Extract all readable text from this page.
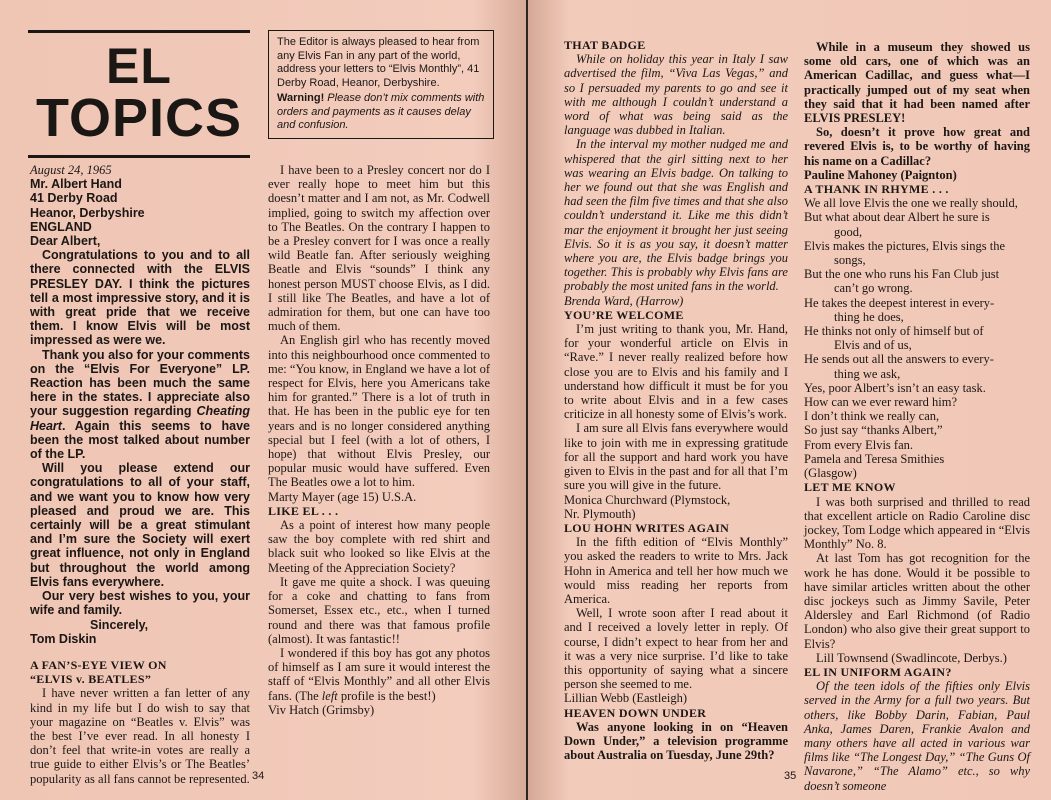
EL
TOPICS

The Editor is always pleased to hear from any Elvis Fan in any part of the world, address your letters to “Elvis Monthly”, 41 Derby Road, Heanor, Derbyshire.

Warning! Please don’t mix comments with orders and payments as it causes delay and confusion.

August 24, 1965

Mr. Albert Hand
41 Derby Road
Heanor, Derbyshire
ENGLAND

Dear Albert,

Congratulations to you and to all there connected with the ELVIS PRESLEY DAY. I think the pictures tell a most impressive story, and it is with great pride that we receive them. I know Elvis will be most impressed as were we.

Thank you also for your comments on the “Elvis For Everyone” LP. Reaction has been much the same here in the states. I appreciate also your suggestion regarding Cheating Heart. Again this seems to have been the most talked about number of the LP.

Will you please extend our congratulations to all of your staff, and we want you to know how very pleased and proud we are. This certainly will be a great stimulant and I’m sure the Society will exert great influence, not only in England but throughout the world among Elvis fans everywhere.

Our very best wishes to you, your wife and family.

Sincerely,

Tom Diskin

A FAN’S-EYE VIEW ON

“ELVIS v. BEATLES”

I have never written a fan letter of any kind in my life but I do wish to say that your magazine on “Beatles v. Elvis” was the best I’ve ever read. In all honesty I don’t feel that write-in votes are really a true guide to either Elvis’s or The Beatles’ popularity as all fans cannot be represented.

I have been to a Presley concert nor do I ever really hope to meet him but this doesn’t matter and I am not, as Mr. Codwell implied, going to switch my affection over to The Beatles. On the contrary I happen to be a Presley convert for I was once a really wild Beatle fan. After seriously weighing Beatle and Elvis “sounds” I think any honest person MUST choose Elvis, as I did. I still like The Beatles, and have a lot of admiration for them, but one can have too much of them.

An English girl who has recently moved into this neighbourhood once commented to me: “You know, in England we have a lot of respect for Elvis, here you Americans take him for granted.” There is a lot of truth in that. He has been in the public eye for ten years and is no longer considered anything special but I feel (with a lot of others, I hope) that without Elvis Presley, our popular music would have suffered. Even The Beatles owe a lot to him.

Marty Mayer (age 15) U.S.A.

LIKE EL . . .

As a point of interest how many people saw the boy complete with red shirt and black suit who looked so like Elvis at the Meeting of the Appreciation Society?

It gave me quite a shock. I was queuing for a coke and chatting to fans from Somerset, Essex etc., etc., when I turned round and there was that famous profile (almost). It was fantastic!!

I wondered if this boy has got any photos of himself as I am sure it would interest the staff of “Elvis Monthly” and all other Elvis fans. (The left profile is the best!)

Viv Hatch (Grimsby)

34

THAT BADGE

While on holiday this year in Italy I saw advertised the film, “Viva Las Vegas,” and so I persuaded my parents to go and see it with me although I couldn’t understand a word of what was being said as the language was dubbed in Italian.

In the interval my mother nudged me and whispered that the girl sitting next to her was wearing an Elvis badge. On talking to her we found out that she was English and had seen the film five times and that she also couldn’t understand it. Like me this didn’t mar the enjoyment it brought her just seeing Elvis. So it is as you say, it doesn’t matter where you are, the Elvis badge brings you together. This is probably why Elvis fans are probably the most united fans in the world.

Brenda Ward, (Harrow)

YOU’RE WELCOME

I’m just writing to thank you, Mr. Hand, for your wonderful article on Elvis in “Rave.” I never really realized before how close you are to Elvis and his family and I understand how difficult it must be for you to write about Elvis and in a few cases criticize in all honesty some of Elvis’s work.

I am sure all Elvis fans everywhere would like to join with me in expressing gratitude for all the support and hard work you have given to Elvis in the past and for all that I’m sure you will give in the future.

Monica Churchward (Plymstock,

Nr. Plymouth)

LOU HOHN WRITES AGAIN

In the fifth edition of “Elvis Monthly” you asked the readers to write to Mrs. Jack Hohn in America and tell her how much we would miss reading her reports from America.

Well, I wrote soon after I read about it and I received a lovely letter in reply. Of course, I didn’t expect to hear from her and it was a very nice surprise. I’d like to take this opportunity of saying what a sincere person she seemed to me.

Lillian Webb (Eastleigh)

HEAVEN DOWN UNDER

Was anyone looking in on “Heaven Down Under,” a television programme about Australia on Tuesday, June 29th?

While in a museum they showed us some old cars, one of which was an American Cadillac, and guess what—I practically jumped out of my seat when they said that it had been named after ELVIS PRESLEY!

So, doesn’t it prove how great and revered Elvis is, to be worthy of having his name on a Cadillac?

Pauline Mahoney (Paignton)

A THANK IN RHYME . . .

We all love Elvis the one we really should,
But what about dear Albert he sure is
good,
Elvis makes the pictures, Elvis sings the
songs,
But the one who runs his Fan Club just
can’t go wrong.
He takes the deepest interest in every-
thing he does,
He thinks not only of himself but of
Elvis and of us,
He sends out all the answers to every-
thing we ask,
Yes, poor Albert’s isn’t an easy task.
How can we ever reward him?
I don’t think we really can,
So just say “thanks Albert,”
From every Elvis fan.

Pamela and Teresa Smithies

(Glasgow)

LET ME KNOW

I was both surprised and thrilled to read that excellent article on Radio Caroline disc jockey, Tom Lodge which appeared in “Elvis Monthly” No. 8.

At last Tom has got recognition for the work he has done. Would it be possible to have similar articles written about the other disc jockeys such as Jimmy Savile, Peter Aldersley and Earl Richmond (of Radio London) who also give their great support to Elvis?

Lill Townsend (Swadlincote, Derbys.)

EL IN UNIFORM AGAIN?

Of the teen idols of the fifties only Elvis served in the Army for a full two years. But others, like Bobby Darin, Fabian, Paul Anka, James Daren, Frankie Avalon and many others have all acted in various war films like “The Longest Day,” “The Guns Of Navarone,” “The Alamo” etc., so why doesn’t someone

35
